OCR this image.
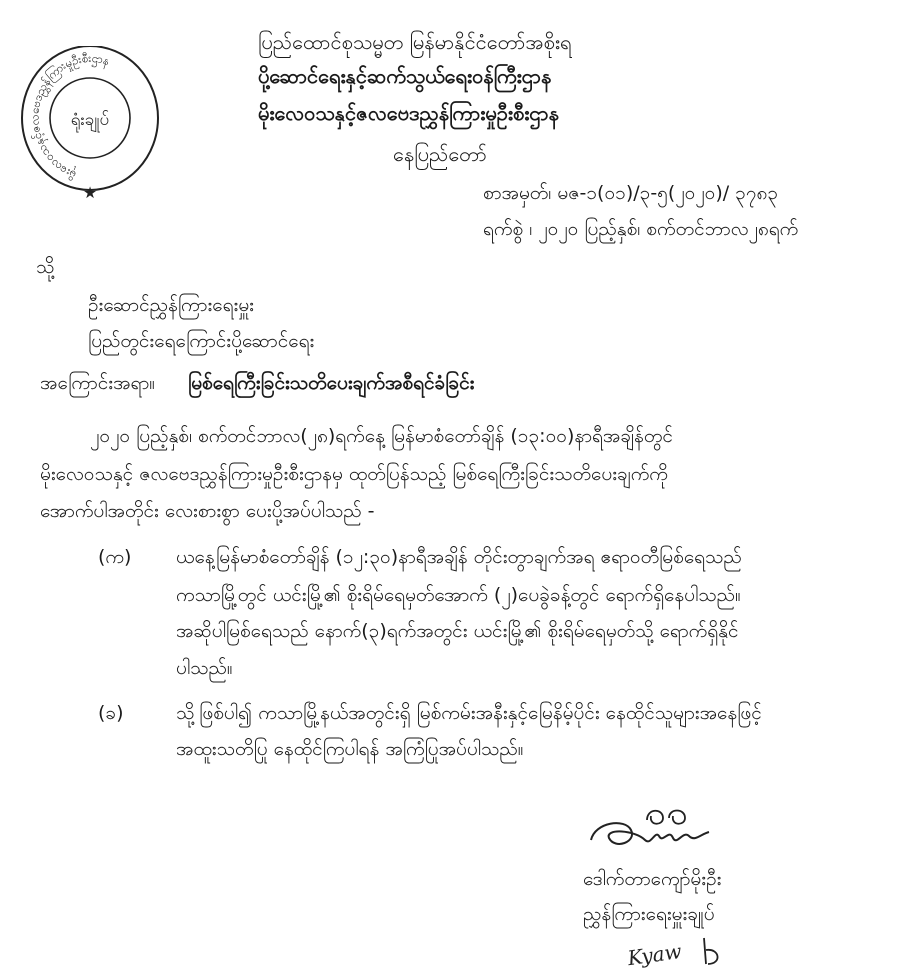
မိုးလေဝသနှင့်ဇလဗေဒညွှန်ကြားမှုဦးစီးဌာန
ရုံးချုပ်
★
ပြည်ထောင်စုသမ္မတ မြန်မာနိုင်ငံတော်အစိုးရ
ပို့ဆောင်ရေးနှင့်ဆက်သွယ်ရေးဝန်ကြီးဌာန
မိုးလေဝသနှင့်ဇလဗေဒညွှန်ကြားမှုဦးစီးဌာန
နေပြည်တော်
စာအမှတ်၊ မဇ-၁(၀၁)/၃-၅(၂၀၂၀)/ ၃၇၈၃
ရက်စွဲ ၊ ၂၀၂၀ ပြည့်နှစ်၊ စက်တင်ဘာလ၂၈ရက်
သို့
ဦးဆောင်ညွှန်ကြားရေးမှူး
ပြည်တွင်းရေကြောင်းပို့ဆောင်ရေး
အကြောင်းအရာ။ မြစ်ရေကြီးခြင်းသတိပေးချက်အစီရင်ခံခြင်း
၂၀၂၀ ပြည့်နှစ်၊ စက်တင်ဘာလ(၂၈)ရက်နေ့ မြန်မာစံတော်ချိန် (၁၃:၀၀)နာရီအချိန်တွင်
မိုးလေဝသနှင့် ဇလဗေဒညွှန်ကြားမှုဦးစီးဌာနမှ ထုတ်ပြန်သည့် မြစ်ရေကြီးခြင်းသတိပေးချက်ကို
အောက်ပါအတိုင်း လေးစားစွာ ပေးပို့အပ်ပါသည် -
(က) ယနေ့မြန်မာစံတော်ချိန် (၁၂:၃၀)နာရီအချိန် တိုင်းတွာချက်အရ ဧရာဝတီမြစ်ရေသည်
ကသာမြို့တွင် ယင်းမြို့၏ စိုးရိမ်ရေမှတ်အောက် (၂)ပေခွဲခန့်တွင် ရောက်ရှိနေပါသည်။
အဆိုပါမြစ်ရေသည် နောက်(၃)ရက်အတွင်း ယင်းမြို့၏ စိုးရိမ်ရေမှတ်သို့ ရောက်ရှိနိုင်
ပါသည်။
(ခ)	သို့ဖြစ်ပါ၍ ကသာမြို့နယ်အတွင်းရှိ မြစ်ကမ်းအနီးနှင့်မြေနိမ့်ပိုင်း နေထိုင်သူများအနေဖြင့်
အထူးသတိပြု နေထိုင်ကြပါရန် အကြံပြုအပ်ပါသည်။
ဒေါက်တာကျော်မိုးဦး
ညွှန်ကြားရေးမှူးချုပ်
Kyaw
